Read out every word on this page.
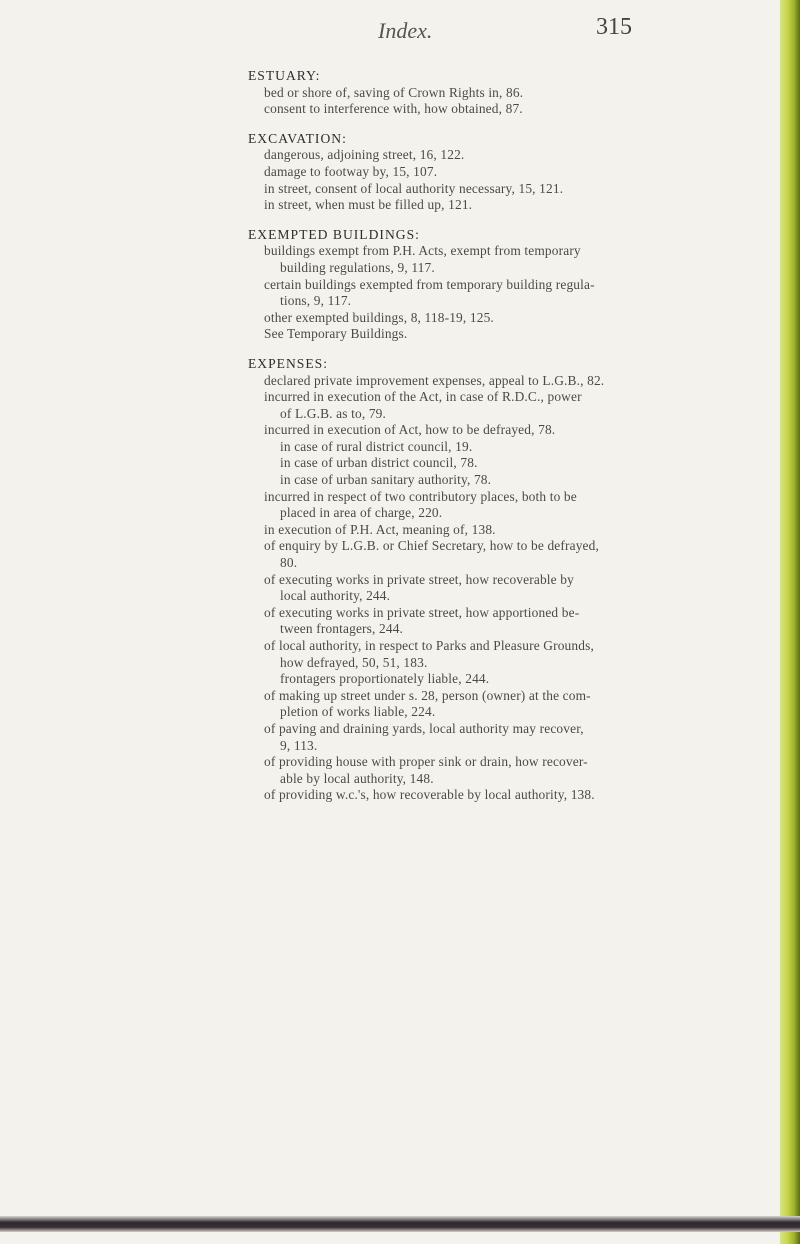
Index.	315
ESTUARY:
bed or shore of, saving of Crown Rights in, 86.
consent to interference with, how obtained, 87.
EXCAVATION:
dangerous, adjoining street, 16, 122.
damage to footway by, 15, 107.
in street, consent of local authority necessary, 15, 121.
in street, when must be filled up, 121.
EXEMPTED BUILDINGS:
buildings exempt from P.H. Acts, exempt from temporary
building regulations, 9, 117.
certain buildings exempted from temporary building regula-
tions, 9, 117.
other exempted buildings, 8, 118-19, 125.
See Temporary Buildings.
EXPENSES:
declared private improvement expenses, appeal to L.G.B., 82.
incurred in execution of the Act, in case of R.D.C., power
of L.G.B. as to, 79.
incurred in execution of Act, how to be defrayed, 78.
in case of rural district council, 19.
in case of urban district council, 78.
in case of urban sanitary authority, 78.
incurred in respect of two contributory places, both to be
placed in area of charge, 220.
in execution of P.H. Act, meaning of, 138.
of enquiry by L.G.B. or Chief Secretary, how to be defrayed,
80.
of executing works in private street, how recoverable by
local authority, 244.
of executing works in private street, how apportioned be-
tween frontagers, 244.
of local authority, in respect to Parks and Pleasure Grounds,
how defrayed, 50, 51, 183.
frontagers proportionately liable, 244.
of making up street under s. 28, person (owner) at the com-
pletion of works liable, 224.
of paving and draining yards, local authority may recover,
9, 113.
of providing house with proper sink or drain, how recover-
able by local authority, 148.
of providing w.c.'s, how recoverable by local authority, 138.
